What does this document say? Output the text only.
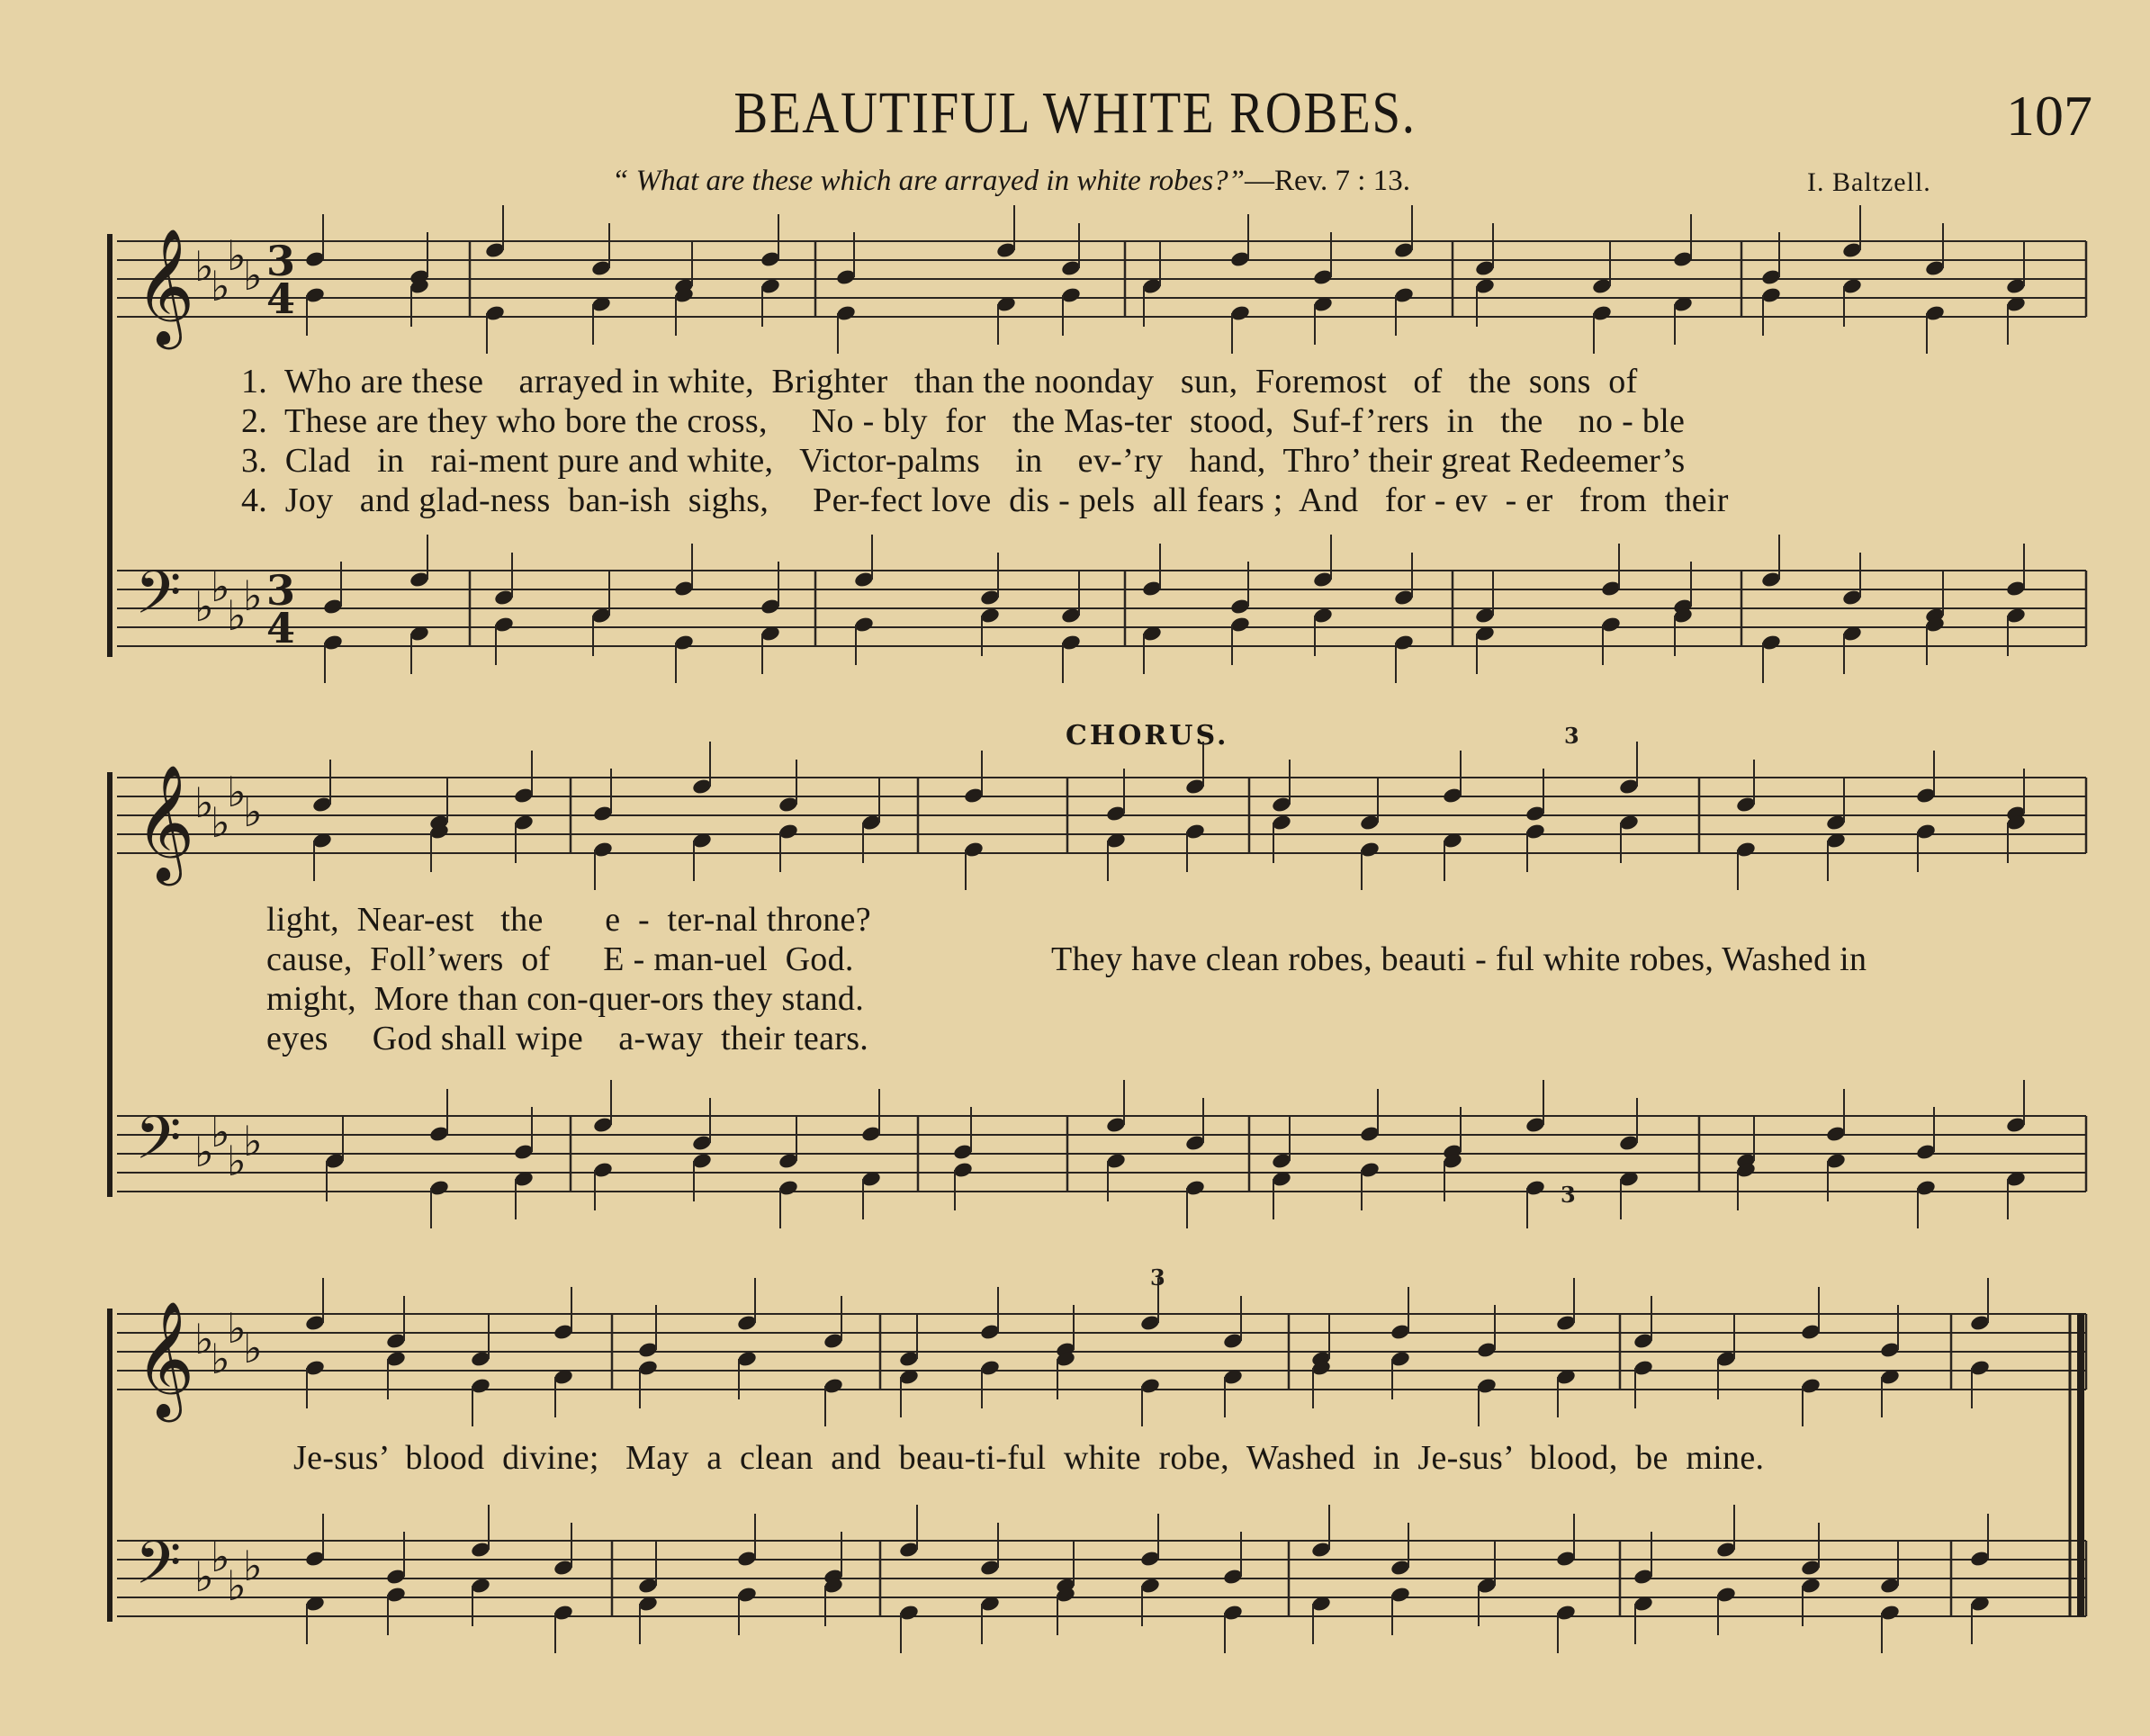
BEAUTIFUL WHITE ROBES.	107
“ What are these which are arrayed in white robes?”—Rev. 7 : 13.	I. Baltzell.
CHORUS.
𝄞 ♭
♭
♭
♭ 3
4
𝄢 ♭
♭
♭
♭ 3
4
𝄞 ♭
♭
♭
♭
𝄢 ♭
♭
♭
♭
𝄞 ♭
♭
♭
♭
𝄢 ♭
♭
♭
♭
3
3
3
1.  Who are these    arrayed in white,  Brighter   than the noonday   sun,  Foremost   of   the  sons  of
2.  These are they who bore the cross,     No - bly  for   the Mas-ter  stood,  Suf-f’rers  in   the    no - ble
3.  Clad   in   rai-ment pure and white,   Victor-palms    in    ev-’ry   hand,  Thro’ their great Redeemer’s
4.  Joy   and glad-ness  ban-ish  sighs,     Per-fect love  dis - pels  all fears ;  And   for - ev  - er   from  their
light,  Near-est   the       e  -  ter-nal throne?
cause,  Foll’wers  of      E - man-uel  God.
might,  More than con-quer-ors they stand.
eyes     God shall wipe    a-way  their tears.
They have clean robes, beauti - ful white robes, Washed in
Je-sus’  blood  divine;   May  a  clean  and  beau-ti-ful  white  robe,  Washed  in  Je-sus’  blood,  be  mine.
